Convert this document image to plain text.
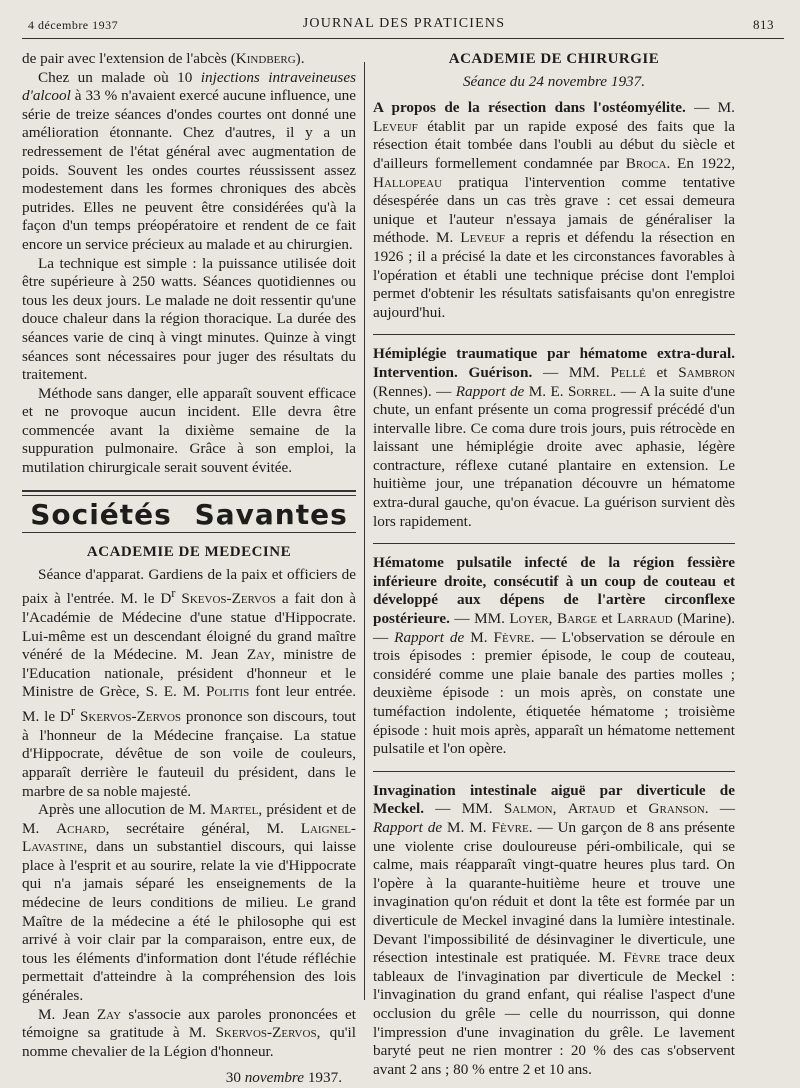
4 décembre 1937	JOURNAL DES PRATICIENS	813

de pair avec l'extension de l'abcès (Kindberg).

Chez un malade où 10 injections intraveineuses d'alcool à 33 % n'avaient exercé aucune influence, une série de treize séances d'ondes courtes ont donné une amélioration étonnante. Chez d'autres, il y a un redressement de l'état général avec augmentation de poids. Souvent les ondes courtes réussissent assez modestement dans les formes chroniques des abcès putrides. Elles ne peuvent être considérées qu'à la façon d'un temps préopératoire et rendent de ce fait encore un service précieux au malade et au chirurgien.

La technique est simple : la puissance utilisée doit être supérieure à 250 watts. Séances quotidiennes ou tous les deux jours. Le malade ne doit ressentir qu'une douce chaleur dans la région thoracique. La durée des séances varie de cinq à vingt minutes. Quinze à vingt séances sont nécessaires pour juger des résultats du traitement.

Méthode sans danger, elle apparaît souvent efficace et ne provoque aucun incident. Elle devra être commencée avant la dixième semaine de la suppuration pulmonaire. Grâce à son emploi, la mutilation chirurgicale serait souvent évitée.

Sociétés Savantes
ACADEMIE DE MEDECINE

Séance d'apparat. Gardiens de la paix et officiers de paix à l'entrée. M. le $D^r$ Skevos-Zervos a fait don à l'Académie de Médecine d'une statue d'Hippocrate. Lui-même est un descendant éloigné du grand maître vénéré de la Médecine. M. Jean Zay, ministre de l'Education nationale, président d'honneur et le Ministre de Grèce, S. E. M. Politis font leur entrée. M. le $D^r$ Skervos-Zervos prononce son discours, tout à l'honneur de la Médecine française. La statue d'Hippocrate, dévêtue de son voile de couleurs, apparaît derrière le fauteuil du président, dans le marbre de sa noble majesté.

Après une allocution de M. Martel, président et de M. Achard, secrétaire général, M. Laignel-Lavastine, dans un substantiel discours, qui laisse place à l'esprit et au sourire, relate la vie d'Hippocrate qui n'a jamais séparé les enseignements de la médecine de leurs conditions de milieu. Le grand Maître de la médecine a été le philosophe qui est arrivé à voir clair par la comparaison, entre eux, de tous les éléments d'information dont l'étude réfléchie permettait d'atteindre à la compréhension des lois générales.

M. Jean Zay s'associe aux paroles prononcées et témoigne sa gratitude à M. Skervos-Zervos, qu'il nomme chevalier de la Légion d'honneur.

30 novembre 1937.
ACADEMIE DE CHIRURGIE
Séance du 24 novembre 1937.

A propos de la résection dans l'ostéomyélite. — M. Leveuf établit par un rapide exposé des faits que la résection était tombée dans l'oubli au début du siècle et d'ailleurs formellement condamnée par Broca. En 1922, Hallopeau pratiqua l'intervention comme tentative désespérée dans un cas très grave : cet essai demeura unique et l'auteur n'essaya jamais de généraliser la méthode. M. Leveuf a repris et défendu la résection en 1926 ; il a précisé la date et les circonstances favorables à l'opération et établi une technique précise dont l'emploi permet d'obtenir les résultats satisfaisants qu'on enregistre aujourd'hui.

Hémiplégie traumatique par hématome extra-dural. Intervention. Guérison. — MM. Pellé et Sambron (Rennes). — Rapport de M. E. Sorrel. — A la suite d'une chute, un enfant présente un coma progressif précédé d'un intervalle libre. Ce coma dure trois jours, puis rétrocède en laissant une hémiplégie droite avec aphasie, légère contracture, réflexe cutané plantaire en extension. Le huitième jour, une trépanation découvre un hématome extra-dural gauche, qu'on évacue. La guérison survient dès lors rapidement.

Hématome pulsatile infecté de la région fessière inférieure droite, consécutif à un coup de couteau et développé aux dépens de l'artère circonflexe postérieure. — MM. Loyer, Barge et Larraud (Marine). — Rapport de M. Fèvre. — L'observation se déroule en trois épisodes : premier épisode, le coup de couteau, considéré comme une plaie banale des parties molles ; deuxième épisode : un mois après, on constate une tuméfaction indolente, étiquetée hématome ; troisième épisode : huit mois après, apparaît un hématome nettement pulsatile et l'on opère.

Invagination intestinale aiguë par diverticule de Meckel. — MM. Salmon, Artaud et Granson. — Rapport de M. M. Fèvre. — Un garçon de 8 ans présente une violente crise douloureuse péri-ombilicale, qui se calme, mais réapparaît vingt-quatre heures plus tard. On l'opère à la quarante-huitième heure et trouve une invagination qu'on réduit et dont la tête est formée par un diverticule de Meckel invaginé dans la lumière intestinale. Devant l'impossibilité de désinvaginer le diverticule, une résection intestinale est pratiquée. M. Fèvre trace deux tableaux de l'invagination par diverticule de Meckel : l'invagination du grand enfant, qui réalise l'aspect d'une occlusion du grêle — celle du nourrisson, qui donne l'impression d'une invagination du grêle. Le lavement baryté peut ne rien montrer : 20 % des cas s'observent avant 2 ans ; 80 % entre 2 et 10 ans.
